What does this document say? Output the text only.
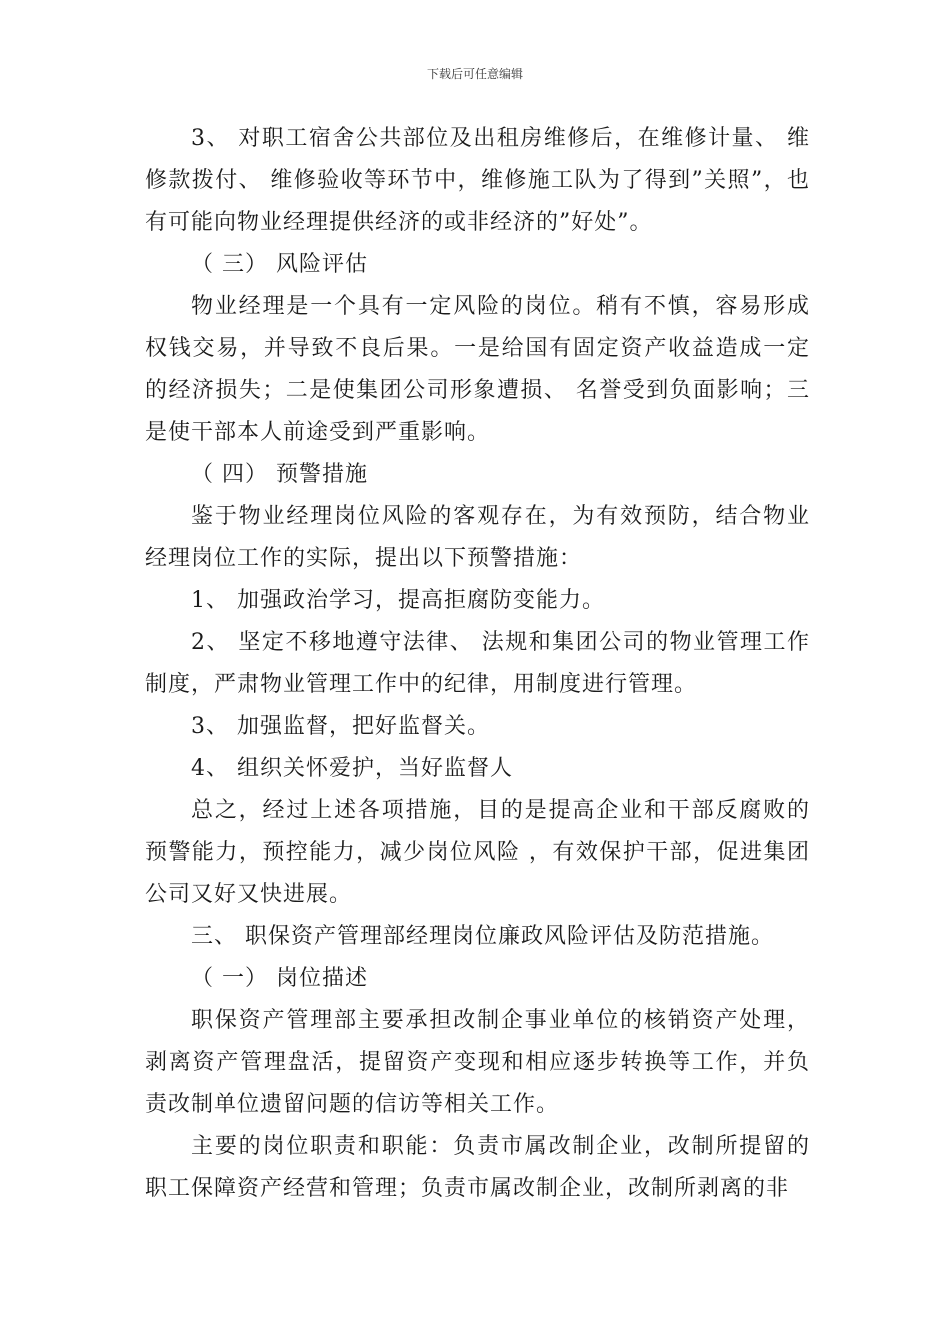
下载后可任意编辑

3、 对职工宿舍公共部位及出租房维修后，在维修计量、 维修款拨付、 维修验收等环节中，维修施工队为了得到”关照”，也有可能向物业经理提供经济的或非经济的”好处”。

（ 三） 风险评估

物业经理是一个具有一定风险的岗位。稍有不慎，容易形成权钱交易，并导致不良后果。一是给国有固定资产收益造成一定的经济损失；二是使集团公司形象遭损、 名誉受到负面影响；三是使干部本人前途受到严重影响。

（ 四） 预警措施

鉴于物业经理岗位风险的客观存在，为有效预防，结合物业经理岗位工作的实际，提出以下预警措施：

1、 加强政治学习，提高拒腐防变能力。

2、 坚定不移地遵守法律、 法规和集团公司的物业管理工作制度，严肃物业管理工作中的纪律，用制度进行管理。

3、 加强监督，把好监督关。

4、 组织关怀爱护，当好监督人

总之，经过上述各项措施，目的是提高企业和干部反腐败的预警能力，预控能力，减少岗位风险 ，有效保护干部，促进集团公司又好又快进展。

三、 职保资产管理部经理岗位廉政风险评估及防范措施。

（ 一） 岗位描述

职保资产管理部主要承担改制企事业单位的核销资产处理，剥离资产管理盘活，提留资产变现和相应逐步转换等工作，并负责改制单位遗留问题的信访等相关工作。

主要的岗位职责和职能：负责市属改制企业，改制所提留的职工保障资产经营和管理；负责市属改制企业，改制所剥离的非
